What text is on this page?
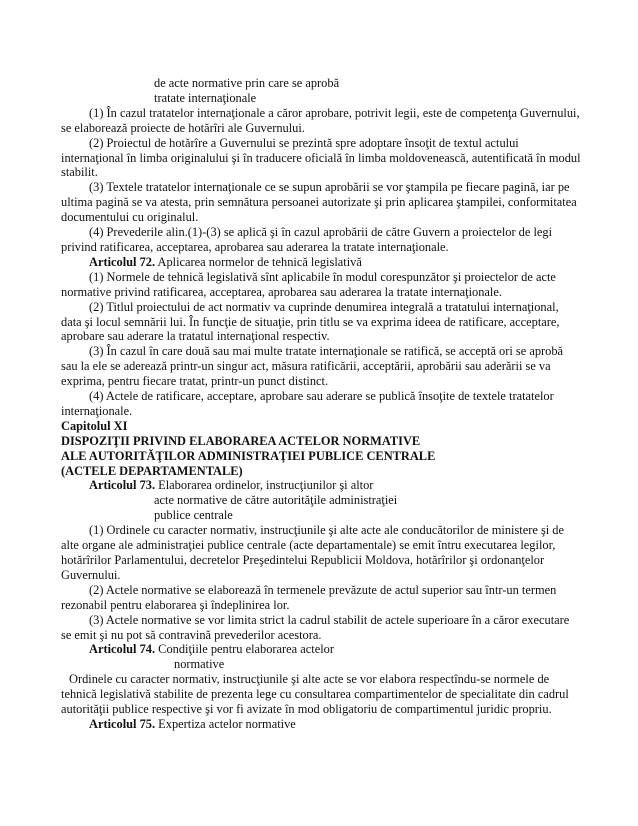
de acte normative prin care se aprobă

tratate internaţionale

(1) În cazul tratatelor internaţionale a căror aprobare, potrivit legii, este de competenţa Guvernului, se elaborează proiecte de hotărîri ale Guvernului.

(2) Proiectul de hotărîre a Guvernului se prezintă spre adoptare însoţit de textul actului internaţional în limba originalului şi în traducere oficială în limba moldovenească, autentificată în modul stabilit.

(3) Textele tratatelor internaţionale ce se supun aprobării se vor ştampila pe fiecare pagină, iar pe ultima pagină se va atesta, prin semnătura persoanei autorizate şi prin aplicarea ştampilei, conformitatea documentului cu originalul.

(4) Prevederile alin.(1)-(3) se aplică şi în cazul aprobării de către Guvern a proiectelor de legi privind ratificarea, acceptarea, aprobarea sau aderarea la tratate internaţionale.

Articolul 72. Aplicarea normelor de tehnică legislativă

(1) Normele de tehnică legislativă sînt aplicabile în modul corespunzător şi proiectelor de acte normative privind ratificarea, acceptarea, aprobarea sau aderarea la tratate internaţionale.

(2) Titlul proiectului de act normativ va cuprinde denumirea integrală a tratatului internaţional, data şi locul semnării lui. În funcţie de situaţie, prin titlu se va exprima ideea de ratificare, acceptare, aprobare sau aderare la tratatul internaţional respectiv.

(3) În cazul în care două sau mai multe tratate internaţionale se ratifică, se acceptă ori se aprobă sau la ele se aderează printr-un singur act, măsura ratificării, acceptării, aprobării sau aderării se va exprima, pentru fiecare tratat, printr-un punct distinct.

(4) Actele de ratificare, acceptare, aprobare sau aderare se publică însoţite de textele tratatelor internaţionale.

Capitolul XI

DISPOZIŢII PRIVIND ELABORAREA ACTELOR NORMATIVE

ALE AUTORITĂŢILOR ADMINISTRAŢIEI PUBLICE CENTRALE

(ACTELE DEPARTAMENTALE)

Articolul 73. Elaborarea ordinelor, instrucţiunilor şi altor

acte normative de către autorităţile administraţiei

publice centrale

(1) Ordinele cu caracter normativ, instrucţiunile şi alte acte ale conducătorilor de ministere şi de alte organe ale administraţiei publice centrale (acte departamentale) se emit întru executarea legilor, hotărîrilor Parlamentului, decretelor Preşedintelui Republicii Moldova, hotărîrilor şi ordonanţelor Guvernului.

(2) Actele normative se elaborează în termenele prevăzute de actul superior sau într-un termen rezonabil pentru elaborarea şi îndeplinirea lor.

(3) Actele normative se vor limita strict la cadrul stabilit de actele superioare în a căror executare se emit şi nu pot să contravină prevederilor acestora.

Articolul 74. Condiţiile pentru elaborarea actelor

normative

Ordinele cu caracter normativ, instrucţiunile şi alte acte se vor elabora respectîndu-se normele de tehnică legislativă stabilite de prezenta lege cu consultarea compartimentelor de specialitate din cadrul autorităţii publice respective şi vor fi avizate în mod obligatoriu de compartimentul juridic propriu.

Articolul 75. Expertiza actelor normative
